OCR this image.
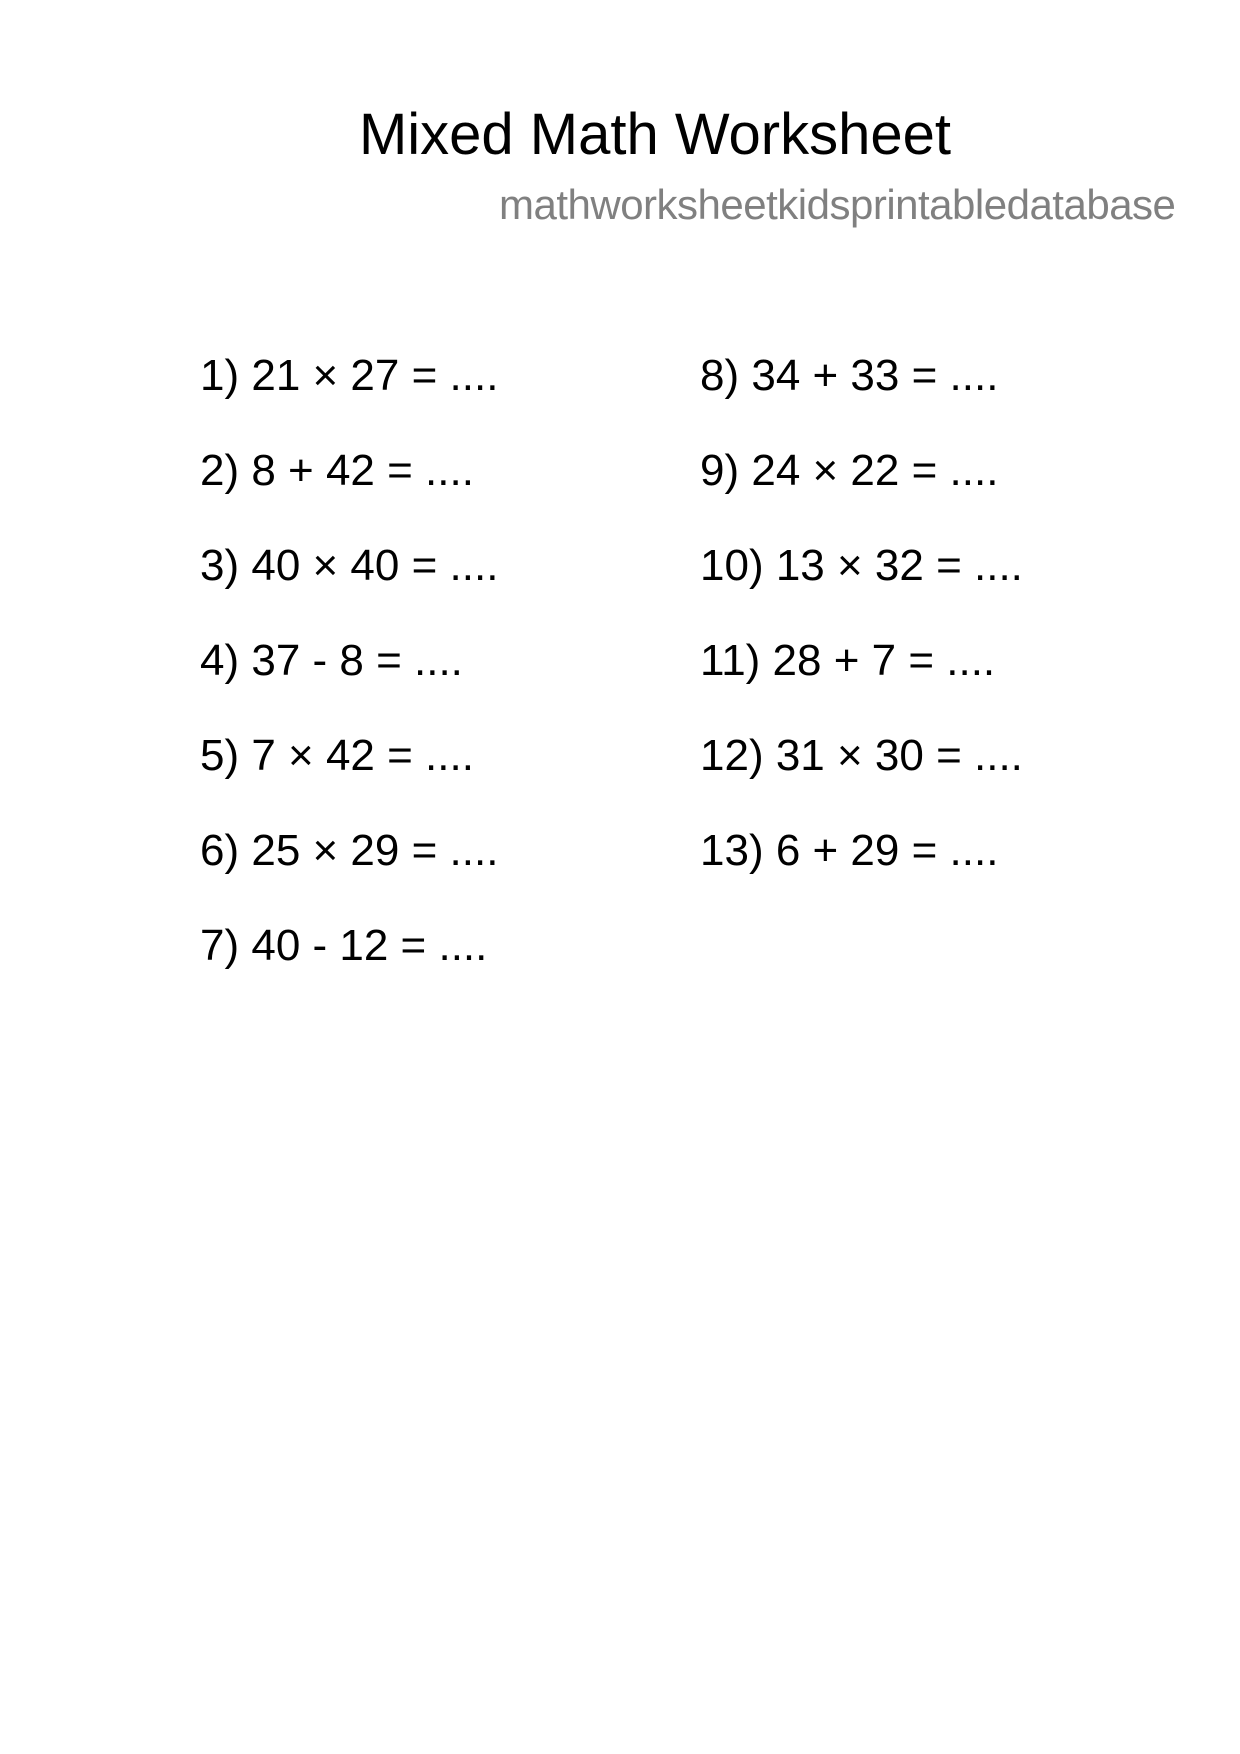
Mixed Math Worksheet
mathworksheetkidsprintabledatabase
1) 21 × 27 = ....
2) 8 + 42 = ....
3) 40 × 40 = ....
4) 37 - 8 = ....
5) 7 × 42 = ....
6) 25 × 29 = ....
7) 40 - 12 = ....
8) 34 + 33 = ....
9) 24 × 22 = ....
10) 13 × 32 = ....
11) 28 + 7 = ....
12) 31 × 30 = ....
13) 6 + 29 = ....
